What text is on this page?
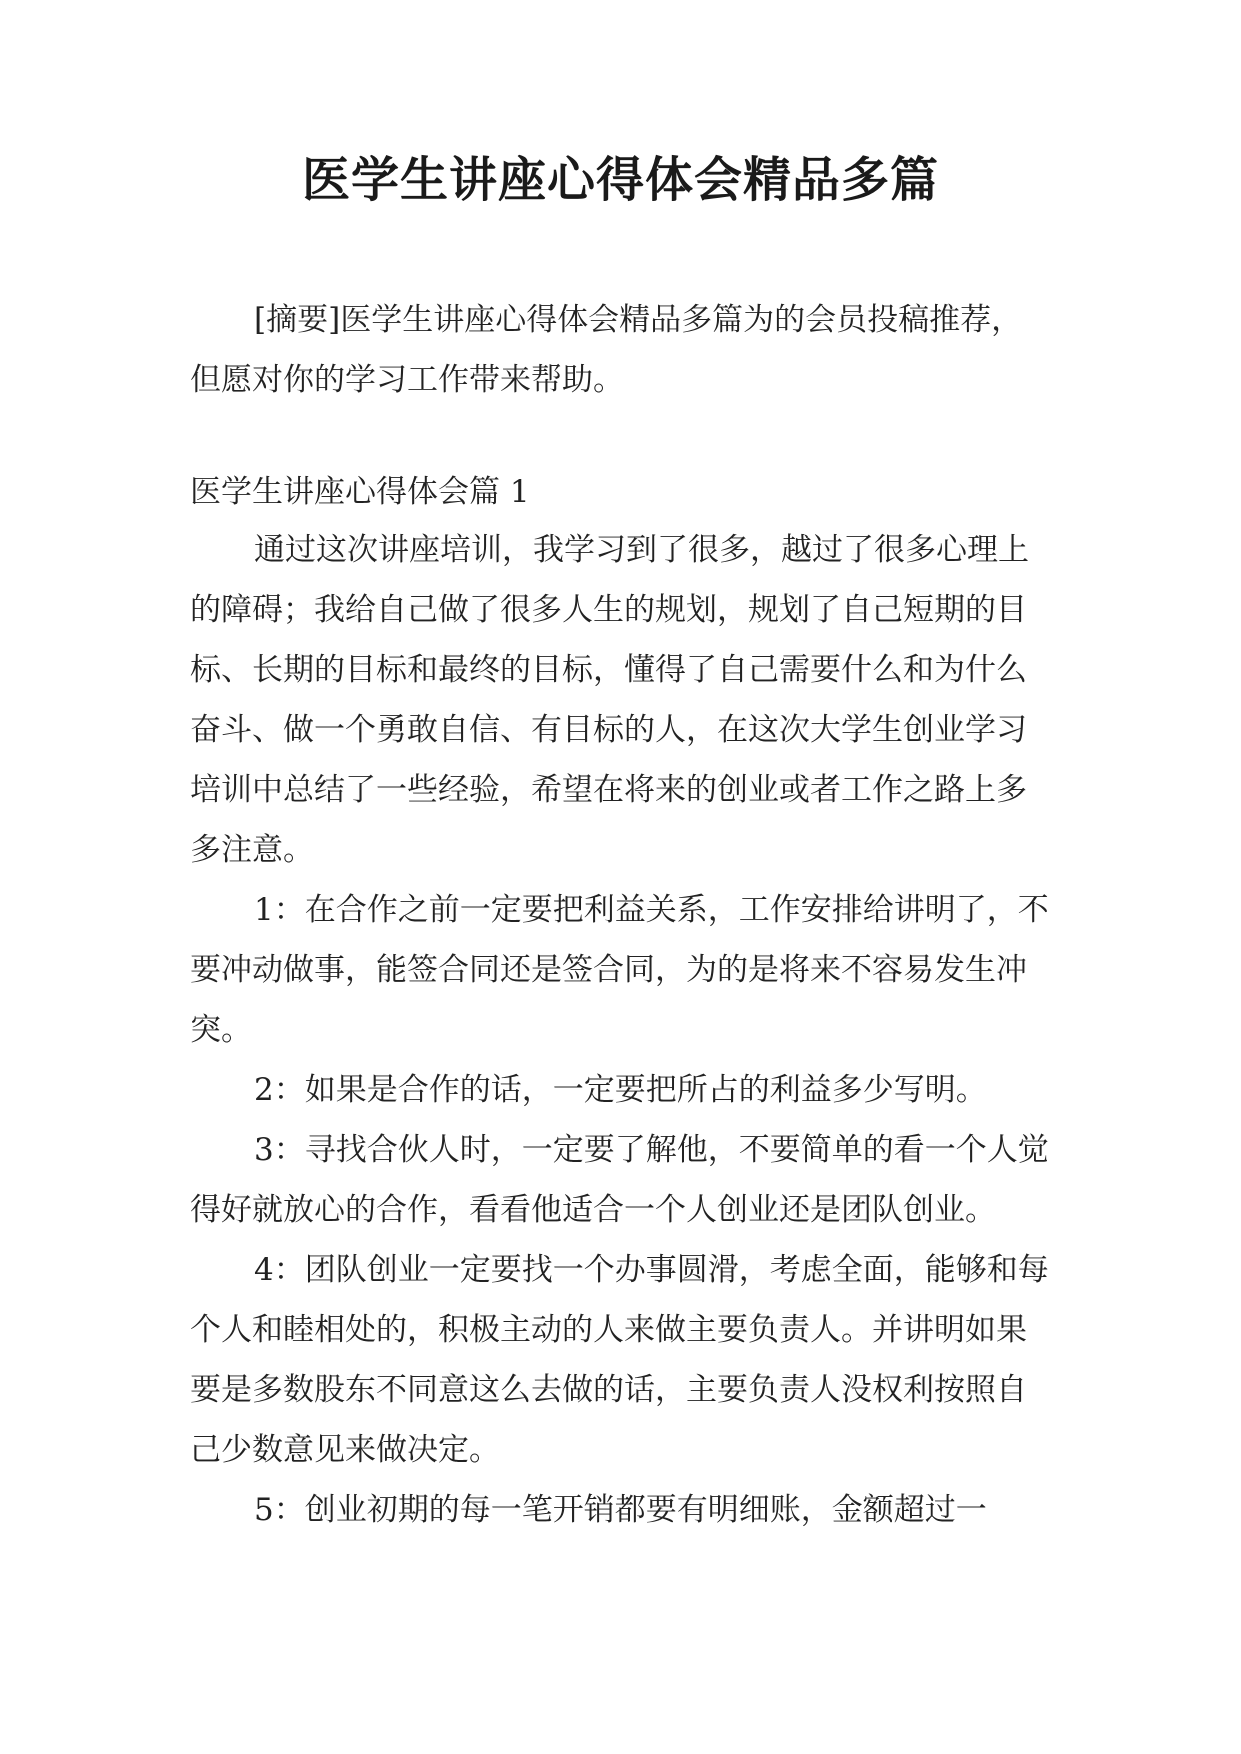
医学生讲座心得体会精品多篇

[摘要]医学生讲座心得体会精品多篇为的会员投稿推荐，但愿对你的学习工作带来帮助。

医学生讲座心得体会篇 1

通过这次讲座培训，我学习到了很多，越过了很多心理上的障碍；我给自己做了很多人生的规划，规划了自己短期的目标、长期的目标和最终的目标，懂得了自己需要什么和为什么奋斗、做一个勇敢自信、有目标的人，在这次大学生创业学习培训中总结了一些经验，希望在将来的创业或者工作之路上多多注意。

1：在合作之前一定要把利益关系，工作安排给讲明了，不要冲动做事，能签合同还是签合同，为的是将来不容易发生冲突。

2：如果是合作的话，一定要把所占的利益多少写明。

3：寻找合伙人时，一定要了解他，不要简单的看一个人觉得好就放心的合作，看看他适合一个人创业还是团队创业。

4：团队创业一定要找一个办事圆滑，考虑全面，能够和每个人和睦相处的，积极主动的人来做主要负责人。并讲明如果要是多数股东不同意这么去做的话，主要负责人没权利按照自己少数意见来做决定。

5：创业初期的每一笔开销都要有明细账，金额超过一
